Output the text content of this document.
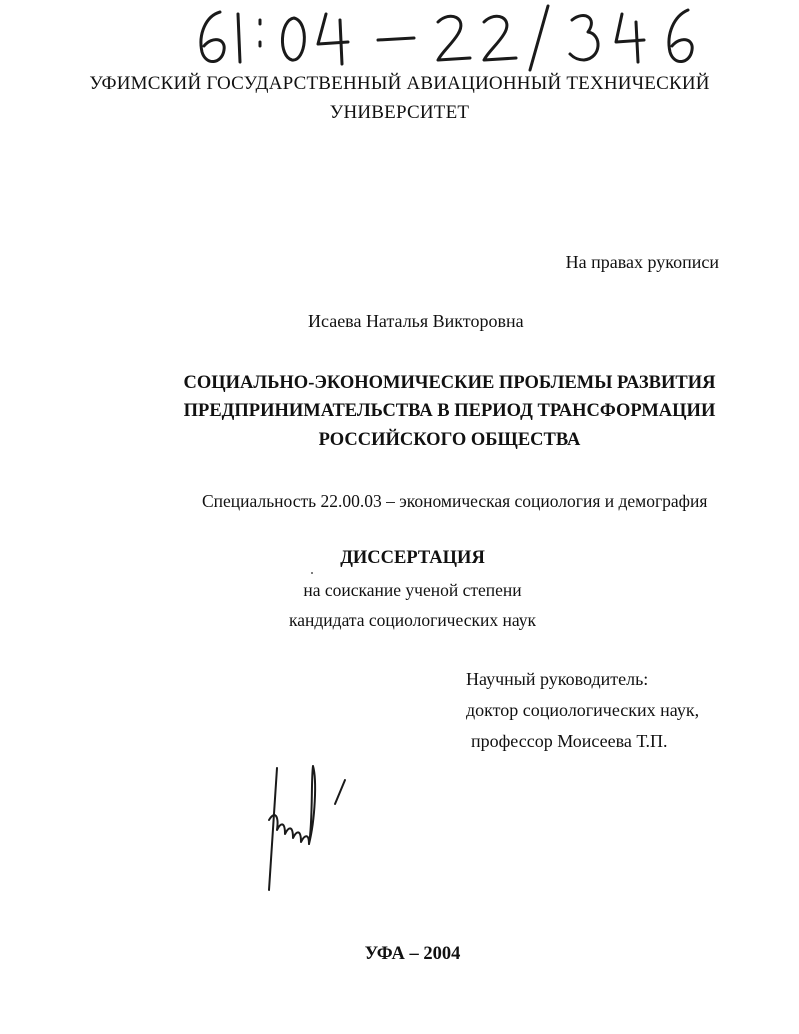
УФИМСКИЙ ГОСУДАРСТВЕННЫЙ АВИАЦИОННЫЙ ТЕХНИЧЕСКИЙ
УНИВЕРСИТЕТ
На правах рукописи
Исаева Наталья Викторовна
СОЦИАЛЬНО-ЭКОНОМИЧЕСКИЕ ПРОБЛЕМЫ РАЗВИТИЯ
ПРЕДПРИНИМАТЕЛЬСТВА В ПЕРИОД ТРАНСФОРМАЦИИ
РОССИЙСКОГО ОБЩЕСТВА
Специальность 22.00.03 – экономическая социология и демография
ДИССЕРТАЦИЯ
на соискание ученой степени
кандидата социологических наук
Научный руководитель:
доктор социологических наук,
профессор Моисеева Т.П.
УФА – 2004
